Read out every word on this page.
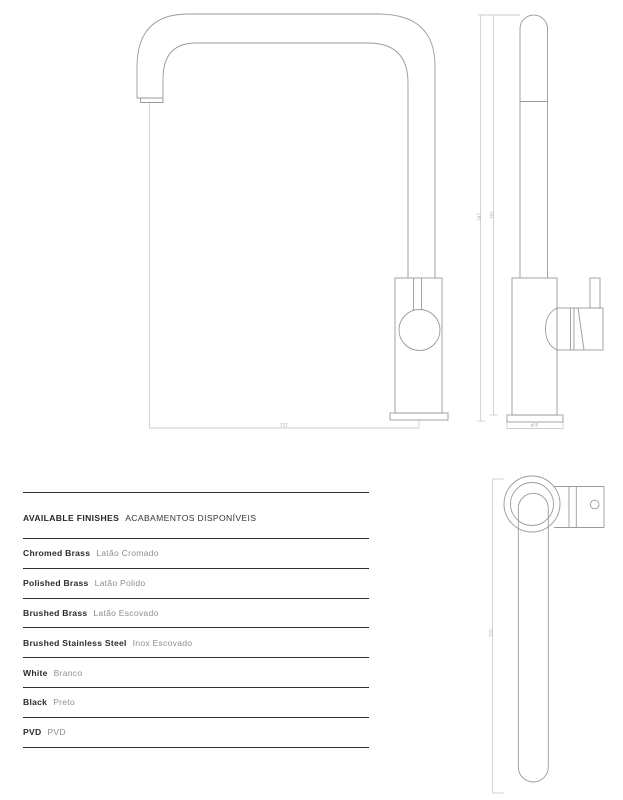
232
397 302
ø50
310
AVAILABLE FINISHES ACABAMENTOS DISPONÍVEIS
Chromed Brass Latão Cromado
Polished Brass Latão Polido
Brushed Brass Latão Escovado
Brushed Stainless Steel Inox Escovado
White Branco
Black Preto
PVD PVD
